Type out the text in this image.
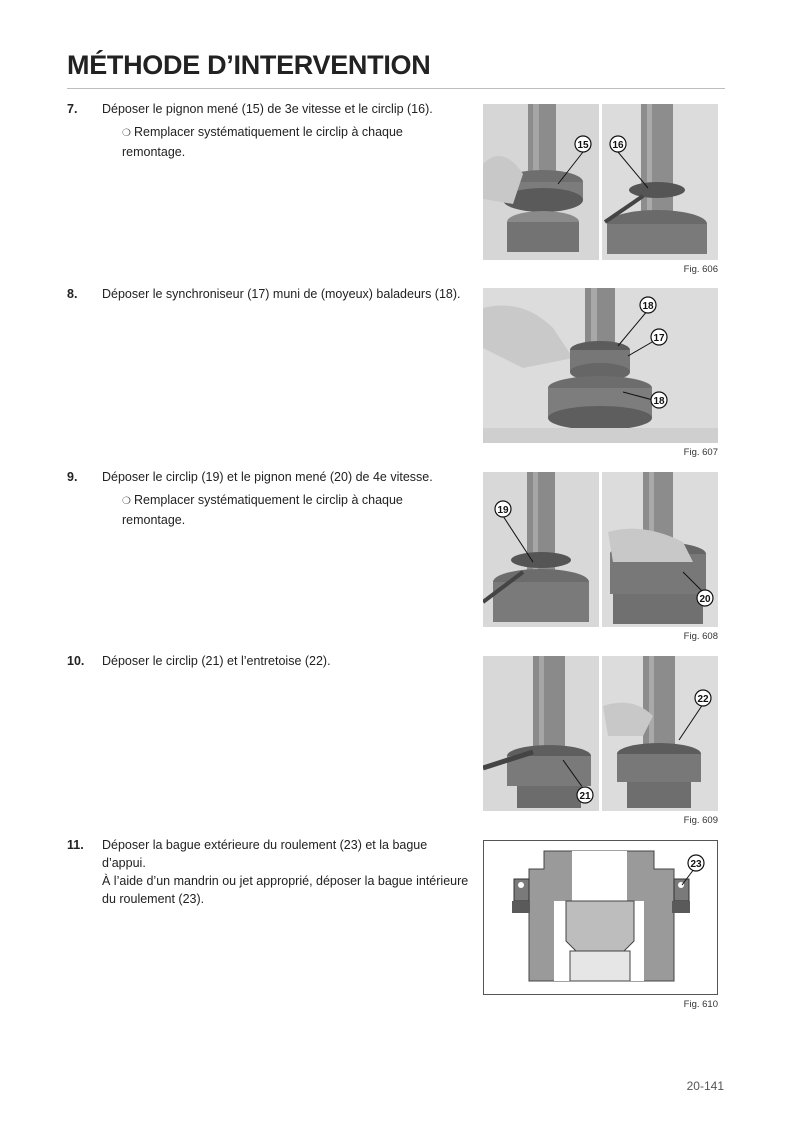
MÉTHODE D’INTERVENTION
7. Déposer le pignon mené (15) de 3e vitesse et le circlip (16).
❍ Remplacer systématiquement le circlip à chaque remontage.
8. Déposer le synchroniseur (17) muni de (moyeux) baladeurs (18).
9. Déposer le circlip (19) et le pignon mené (20) de 4e vitesse.
❍ Remplacer systématiquement le circlip à chaque remontage.
10. Déposer le circlip (21) et l’entretoise (22).
11. Déposer la bague extérieure du roulement (23) et la bague d’appui.
À l’aide d’un mandrin ou jet approprié, déposer la bague intérieure du roulement (23).
15 16
Fig. 606
18
17
18
Fig. 607
19
20
Fig. 608
22
21
Fig. 609
23
Fig. 610
20-141
